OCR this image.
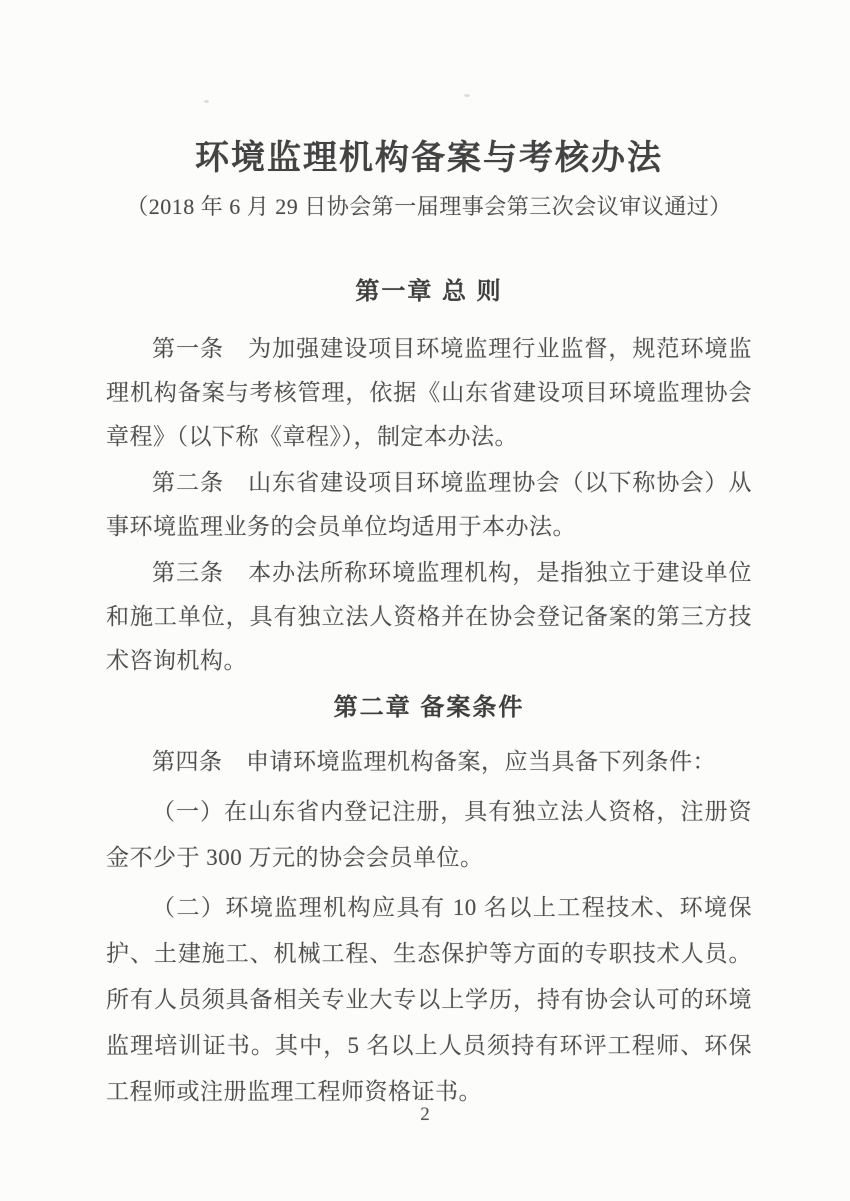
环境监理机构备案与考核办法
（2018 年 6 月 29 日协会第一届理事会第三次会议审议通过）
第一章 总 则

第一条　为加强建设项目环境监理行业监督，规范环境监理机构备案与考核管理，依据《山东省建设项目环境监理协会章程》（以下称《章程》），制定本办法。

第二条　山东省建设项目环境监理协会（以下称协会）从事环境监理业务的会员单位均适用于本办法。

第三条　本办法所称环境监理机构，是指独立于建设单位和施工单位，具有独立法人资格并在协会登记备案的第三方技术咨询机构。

第二章 备案条件

第四条　申请环境监理机构备案，应当具备下列条件：

（一）在山东省内登记注册，具有独立法人资格，注册资金不少于 300 万元的协会会员单位。

（二）环境监理机构应具有 10 名以上工程技术、环境保护、土建施工、机械工程、生态保护等方面的专职技术人员。所有人员须具备相关专业大专以上学历，持有协会认可的环境监理培训证书。其中，5 名以上人员须持有环评工程师、环保工程师或注册监理工程师资格证书。

2
